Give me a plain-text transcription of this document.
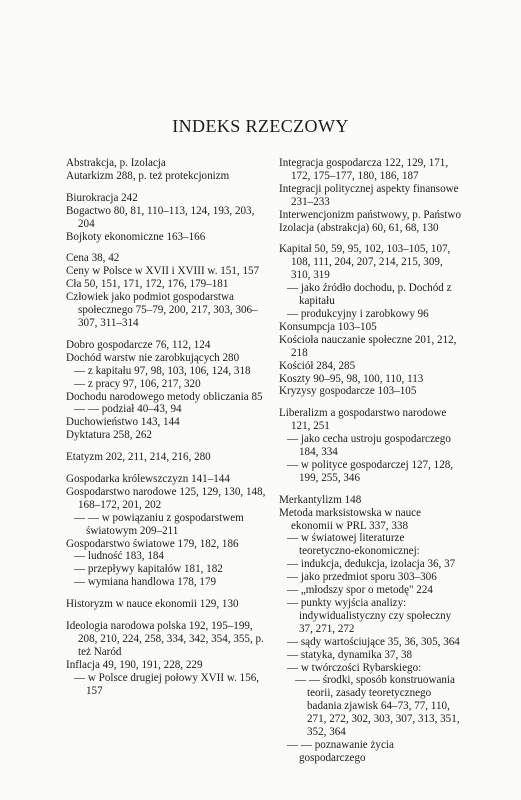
INDEKS RZECZOWY
Abstrakcja, p. Izolacja
Autarkizm 288, p. też protekcjonizm
Biurokracja 242
Bogactwo 80, 81, 110–113, 124, 193, 203, 204
Bojkoty ekonomiczne 163–166
Cena 38, 42
Ceny w Polsce w XVII i XVIII w. 151, 157
Cła 50, 151, 171, 172, 176, 179–181
Człowiek jako podmiot gospodarstwa społecznego 75–79, 200, 217, 303, 306–307, 311–314
Dobro gospodarcze 76, 112, 124
Dochód warstw nie zarobkujących 280
— z kapitału 97, 98, 103, 106, 124, 318
— z pracy 97, 106, 217, 320
Dochodu narodowego metody obliczania 85
— — podział 40–43, 94
Duchowieństwo 143, 144
Dyktatura 258, 262
Etatyzm 202, 211, 214, 216, 280
Gospodarka królewszczyzn 141–144
Gospodarstwo narodowe 125, 129, 130, 148, 168–172, 201, 202
— — w powiązaniu z gospodarstwem światowym 209–211
Gospodarstwo światowe 179, 182, 186
— ludność 183, 184
— przepływy kapitałów 181, 182
— wymiana handlowa 178, 179
Historyzm w nauce ekonomii 129, 130
Ideologia narodowa polska 192, 195–199, 208, 210, 224, 258, 334, 342, 354, 355, p. też Naród
Inflacja 49, 190, 191, 228, 229
— w Polsce drugiej połowy XVII w. 156, 157
Integracja gospodarcza 122, 129, 171, 172, 175–177, 180, 186, 187
Integracji politycznej aspekty finansowe 231–233
Interwencjonizm państwowy, p. Państwo
Izolacja (abstrakcja) 60, 61, 68, 130
Kapitał 50, 59, 95, 102, 103–105, 107, 108, 111, 204, 207, 214, 215, 309, 310, 319
— jako źródło dochodu, p. Dochód z kapitału
— produkcyjny i zarobkowy 96
Konsumpcja 103–105
Kościoła nauczanie społeczne 201, 212, 218
Kościół 284, 285
Koszty 90–95, 98, 100, 110, 113
Kryzysy gospodarcze 103–105
Liberalizm a gospodarstwo narodowe 121, 251
— jako cecha ustroju gospodarczego 184, 334
— w polityce gospodarczej 127, 128, 199, 255, 346
Merkantylizm 148
Metoda marksistowska w nauce ekonomii w PRL 337, 338
— w światowej literaturze teoretyczno-ekonomicznej:
— indukcja, dedukcja, izolacja 36, 37
— jako przedmiot sporu 303–306
— „młodszy spor o metodę" 224
— punkty wyjścia analizy: indywidualistyczny czy społeczny 37, 271, 272
— sądy wartościujące 35, 36, 305, 364
— statyka, dynamika 37, 38
— w twórczości Rybarskiego:
— — środki, sposób konstruowania teorii, zasady teoretycznego badania zjawisk 64–73, 77, 110, 271, 272, 302, 303, 307, 313, 351, 352, 364
— — poznawanie życia gospodarczego
